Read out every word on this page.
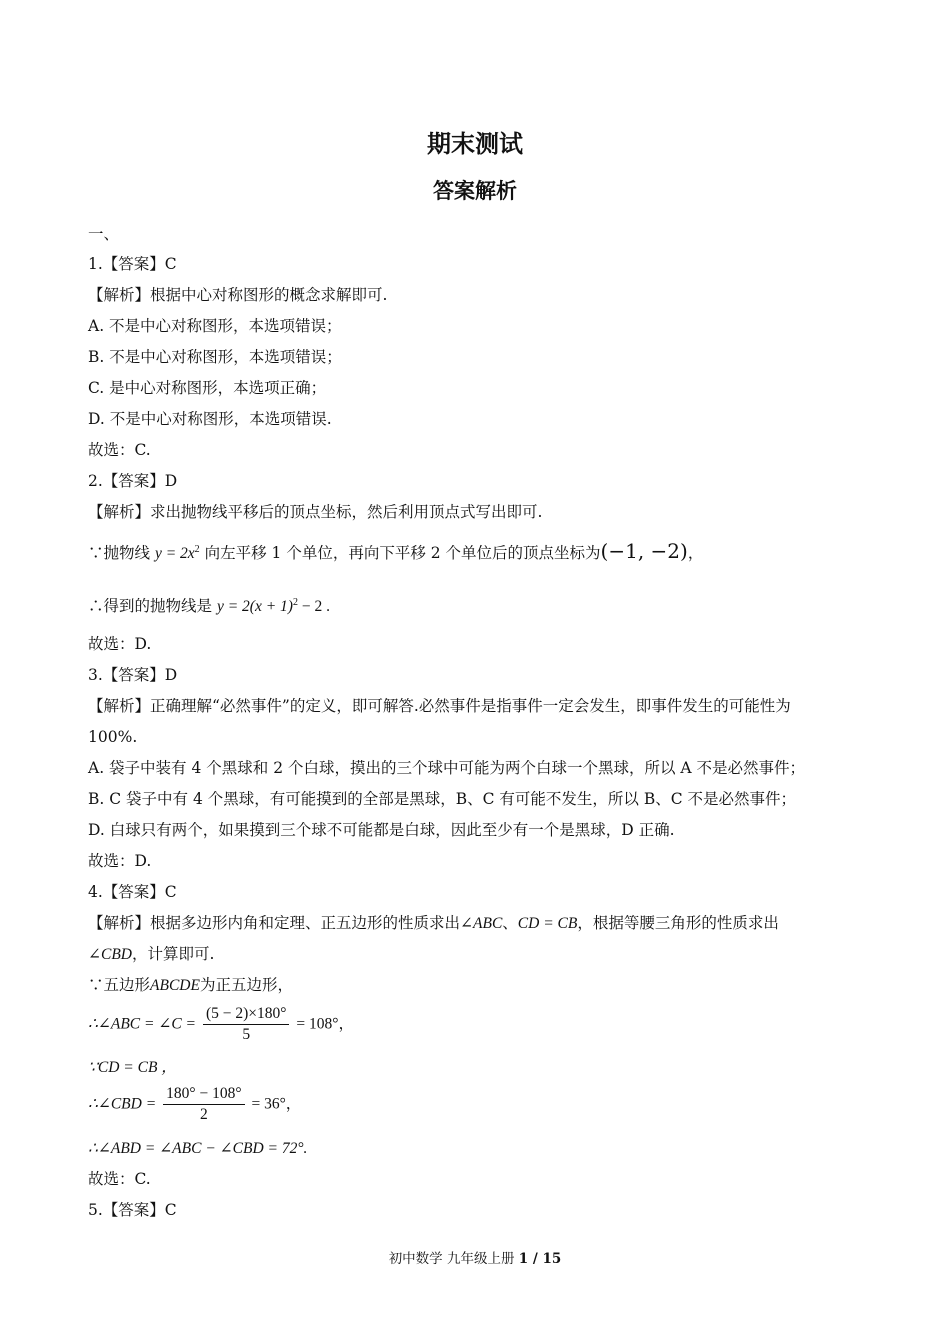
期末测试
答案解析
一、
1.【答案】C
【解析】根据中心对称图形的概念求解即可.
A. 不是中心对称图形，本选项错误；
B. 不是中心对称图形，本选项错误；
C. 是中心对称图形，本选项正确；
D. 不是中心对称图形，本选项错误.
故选：C.
2.【答案】D
【解析】求出抛物线平移后的顶点坐标，然后利用顶点式写出即可.
∵抛物线 $y = 2x^2$ 向左平移 1 个单位，再向下平移 2 个单位后的顶点坐标为(−1, −2)，
∴得到的抛物线是 $y = 2(x + 1)^2 - 2$ .
故选：D.
3.【答案】D
【解析】正确理解“必然事件”的定义，即可解答.必然事件是指事件一定会发生，即事件发生的可能性为
100%.
A. 袋子中装有 4 个黑球和 2 个白球，摸出的三个球中可能为两个白球一个黑球，所以 A 不是必然事件；
B. C 袋子中有 4 个黑球，有可能摸到的全部是黑球，B、C 有可能不发生，所以 B、C 不是必然事件；
D. 白球只有两个，如果摸到三个球不可能都是白球，因此至少有一个是黑球，D 正确.
故选：D.
4.【答案】C
【解析】根据多边形内角和定理、正五边形的性质求出∠ABC、CD = CB，根据等腰三角形的性质求出
∠CBD，计算即可.
∵五边形ABCDE为正五边形，
∴∠ABC = ∠C = $\frac{(5 - 2)\times 180^\circ}{5} = 108^\circ$，
∵CD = CB ，
∴∠CBD = $\frac{180^\circ - 108^\circ}{2} = 36^\circ$，
∴∠ABD = ∠ABC − ∠CBD = 72°.
故选：C.
5.【答案】C
初中数学 九年级上册 1 / 15
